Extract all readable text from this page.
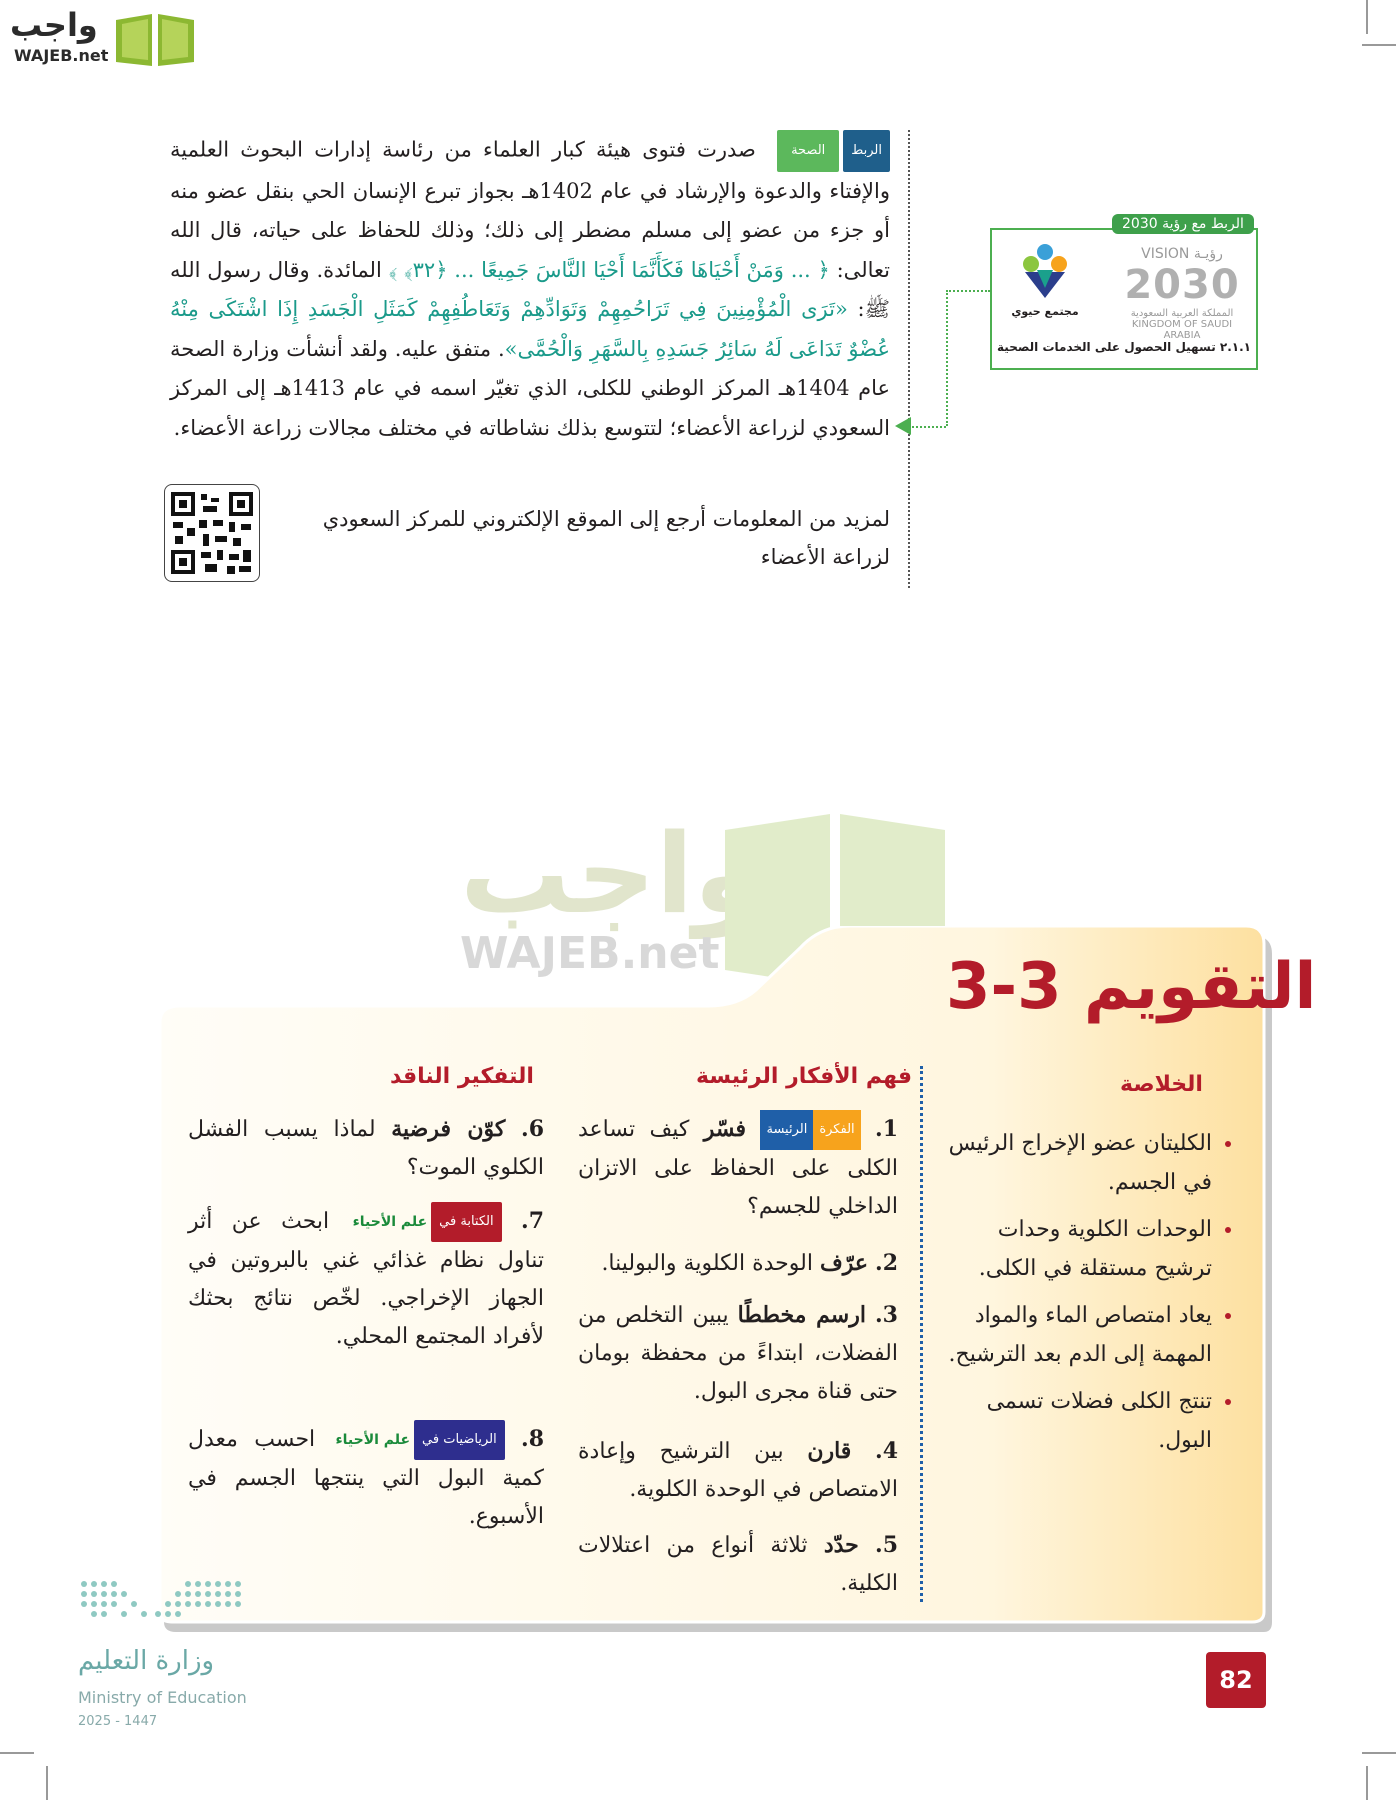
واجب
WAJEB.net
الربطالصحة صدرت فتوى هيئة كبار العلماء من رئاسة إدارات البحوث العلمية والإفتاء والدعوة والإرشاد في عام 1402هـ بجواز تبرع الإنسان الحي بنقل عضو منه أو جزء من عضو إلى مسلم مضطر إلى ذلك؛ وذلك للحفاظ على حياته، قال الله تعالى: ﴿ ... وَمَنْ أَحْيَاهَا فَكَأَنَّمَا أَحْيَا النَّاسَ جَمِيعًا ... ﴿٣٢﴾ ﴾ المائدة. وقال رسول الله ﷺ: «تَرَى الْمُؤْمِنِينَ فِي تَرَاحُمِهِمْ وَتَوَادِّهِمْ وَتَعَاطُفِهِمْ كَمَثَلِ الْجَسَدِ إِذَا اشْتَكَى مِنْهُ عُضْوٌ تَدَاعَى لَهُ سَائِرُ جَسَدِهِ بِالسَّهَرِ وَالْحُمَّى». متفق عليه. ولقد أنشأت وزارة الصحة عام 1404هـ المركز الوطني للكلى، الذي تغيّر اسمه في عام 1413هـ إلى المركز السعودي لزراعة الأعضاء؛ لتتوسع بذلك نشاطاته في مختلف مجالات زراعة الأعضاء.
لمزيد من المعلومات أرجع إلى الموقع الإلكتروني للمركز السعودي لزراعة الأعضاء
VISION رؤيـة
2030
المملكة العربية السعودية
KINGDOM OF SAUDI ARABIA
مجتمع حيوي
٢.١.١ تسهيل الحصول على الخدمات الصحية
الربط مع رؤية 2030
واجب
WAJEB.net	التقويم 3-3
الخلاصة
• الكليتان عضو الإخراج الرئيس في الجسم.
• الوحدات الكلوية وحدات ترشيح مستقلة في الكلى.
• يعاد امتصاص الماء والمواد المهمة إلى الدم بعد الترشيح.
• تنتج الكلى فضلات تسمى البول.
فهم الأفكار الرئيسة
التفكير الناقد
1. الفكرةالرئيسة فسّر كيف تساعد الكلى على الحفاظ على الاتزان الداخلي للجسم؟
2. عرّف الوحدة الكلوية والبولينا.
3. ارسم مخططًا يبين التخلص من الفضلات، ابتداءً من محفظة بومان حتى قناة مجرى البول.
4. قارن بين الترشيح وإعادة الامتصاص في الوحدة الكلوية.
5. حدّد ثلاثة أنواع من اعتلالات الكلية.
6. كوّن فرضية لماذا يسبب الفشل الكلوي الموت؟
7. الكتابة فيعلم الأحياء ابحث عن أثر تناول نظام غذائي غني بالبروتين في الجهاز الإخراجي. لخّص نتائج بحثك لأفراد المجتمع المحلي.
8. الرياضيات فيعلم الأحياء احسب معدل كمية البول التي ينتجها الجسم في الأسبوع.
82
وزارة التعليم
Ministry of Education
2025 - 1447
